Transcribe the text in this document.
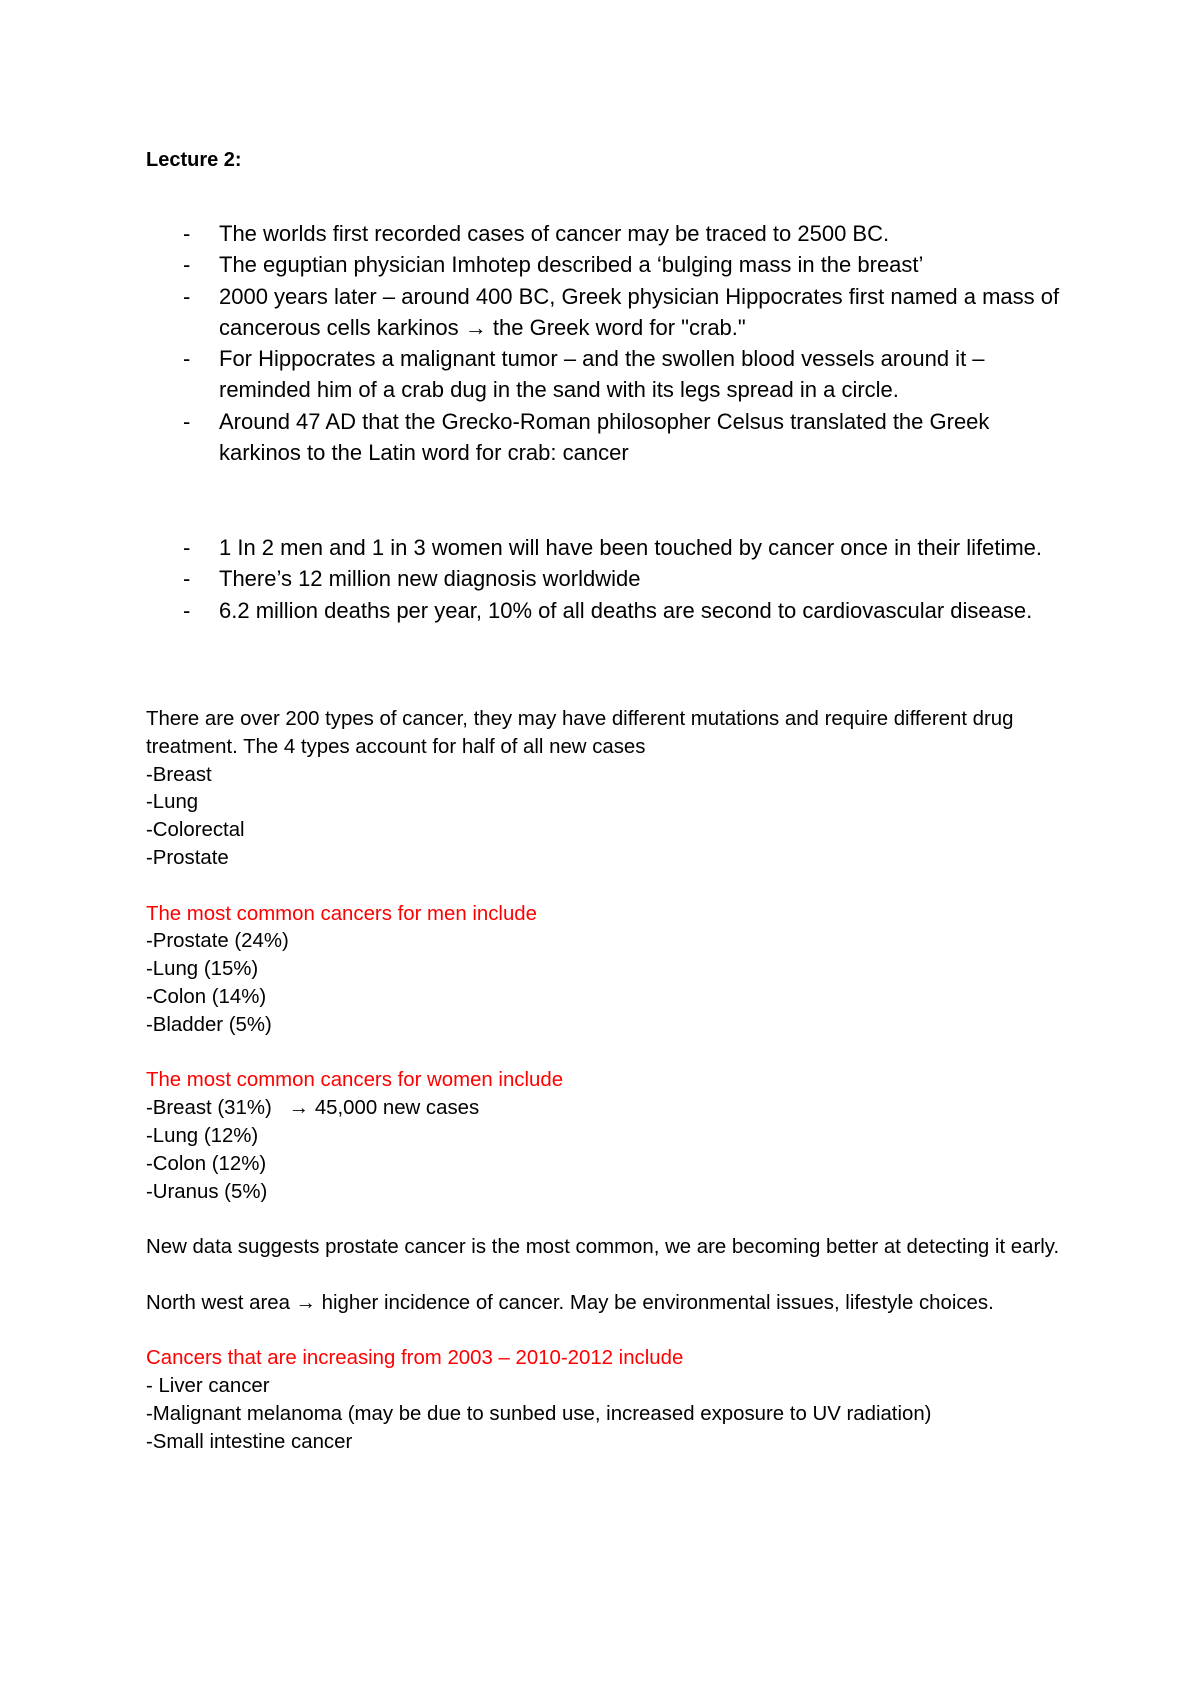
Lecture 2:
- The worlds first recorded cases of cancer may be traced to 2500 BC.
- The eguptian physician Imhotep described a ‘bulging mass in the breast’
- 2000 years later – around 400 BC, Greek physician Hippocrates first named a mass of cancerous cells karkinos → the Greek word for "crab."
- For Hippocrates a malignant tumor – and the swollen blood vessels around it – reminded him of a crab dug in the sand with its legs spread in a circle.
- Around 47 AD that the Grecko-Roman philosopher Celsus translated the Greek karkinos to the Latin word for crab: cancer
- 1 In 2 men and 1 in 3 women will have been touched by cancer once in their lifetime.
- There’s 12 million new diagnosis worldwide
- 6.2 million deaths per year, 10% of all deaths are second to cardiovascular disease.
There are over 200 types of cancer, they may have different mutations and require different drug treatment. The 4 types account for half of all new cases
-Breast
-Lung
-Colorectal
-Prostate
The most common cancers for men include
-Prostate (24%)
-Lung (15%)
-Colon (14%)
-Bladder (5%)
The most common cancers for women include
-Breast (31%)   → 45,000 new cases
-Lung (12%)
-Colon (12%)
-Uranus (5%)
New data suggests prostate cancer is the most common, we are becoming better at detecting it early.
North west area → higher incidence of cancer. May be environmental issues, lifestyle choices.
Cancers that are increasing from 2003 – 2010-2012 include
- Liver cancer
-Malignant melanoma (may be due to sunbed use, increased exposure to UV radiation)
-Small intestine cancer
